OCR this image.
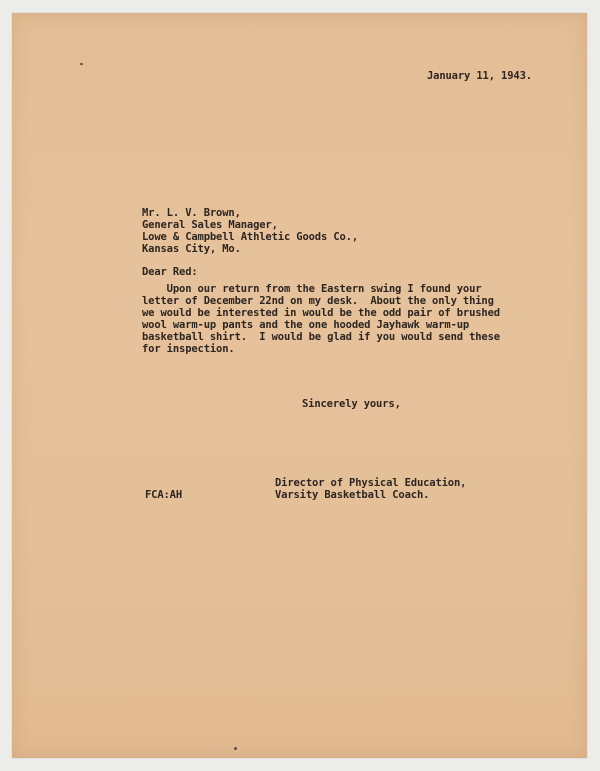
January 11, 1943.
Mr. L. V. Brown,
General Sales Manager,
Lowe & Campbell Athletic Goods Co.,
Kansas City, Mo.
Dear Red:
Upon our return from the Eastern swing I found your
letter of December 22nd on my desk.  About the only thing
we would be interested in would be the odd pair of brushed
wool warm-up pants and the one hooded Jayhawk warm-up
basketball shirt.  I would be glad if you would send these
for inspection.
Sincerely yours,
Director of Physical Education,
Varsity Basketball Coach.
FCA:AH
